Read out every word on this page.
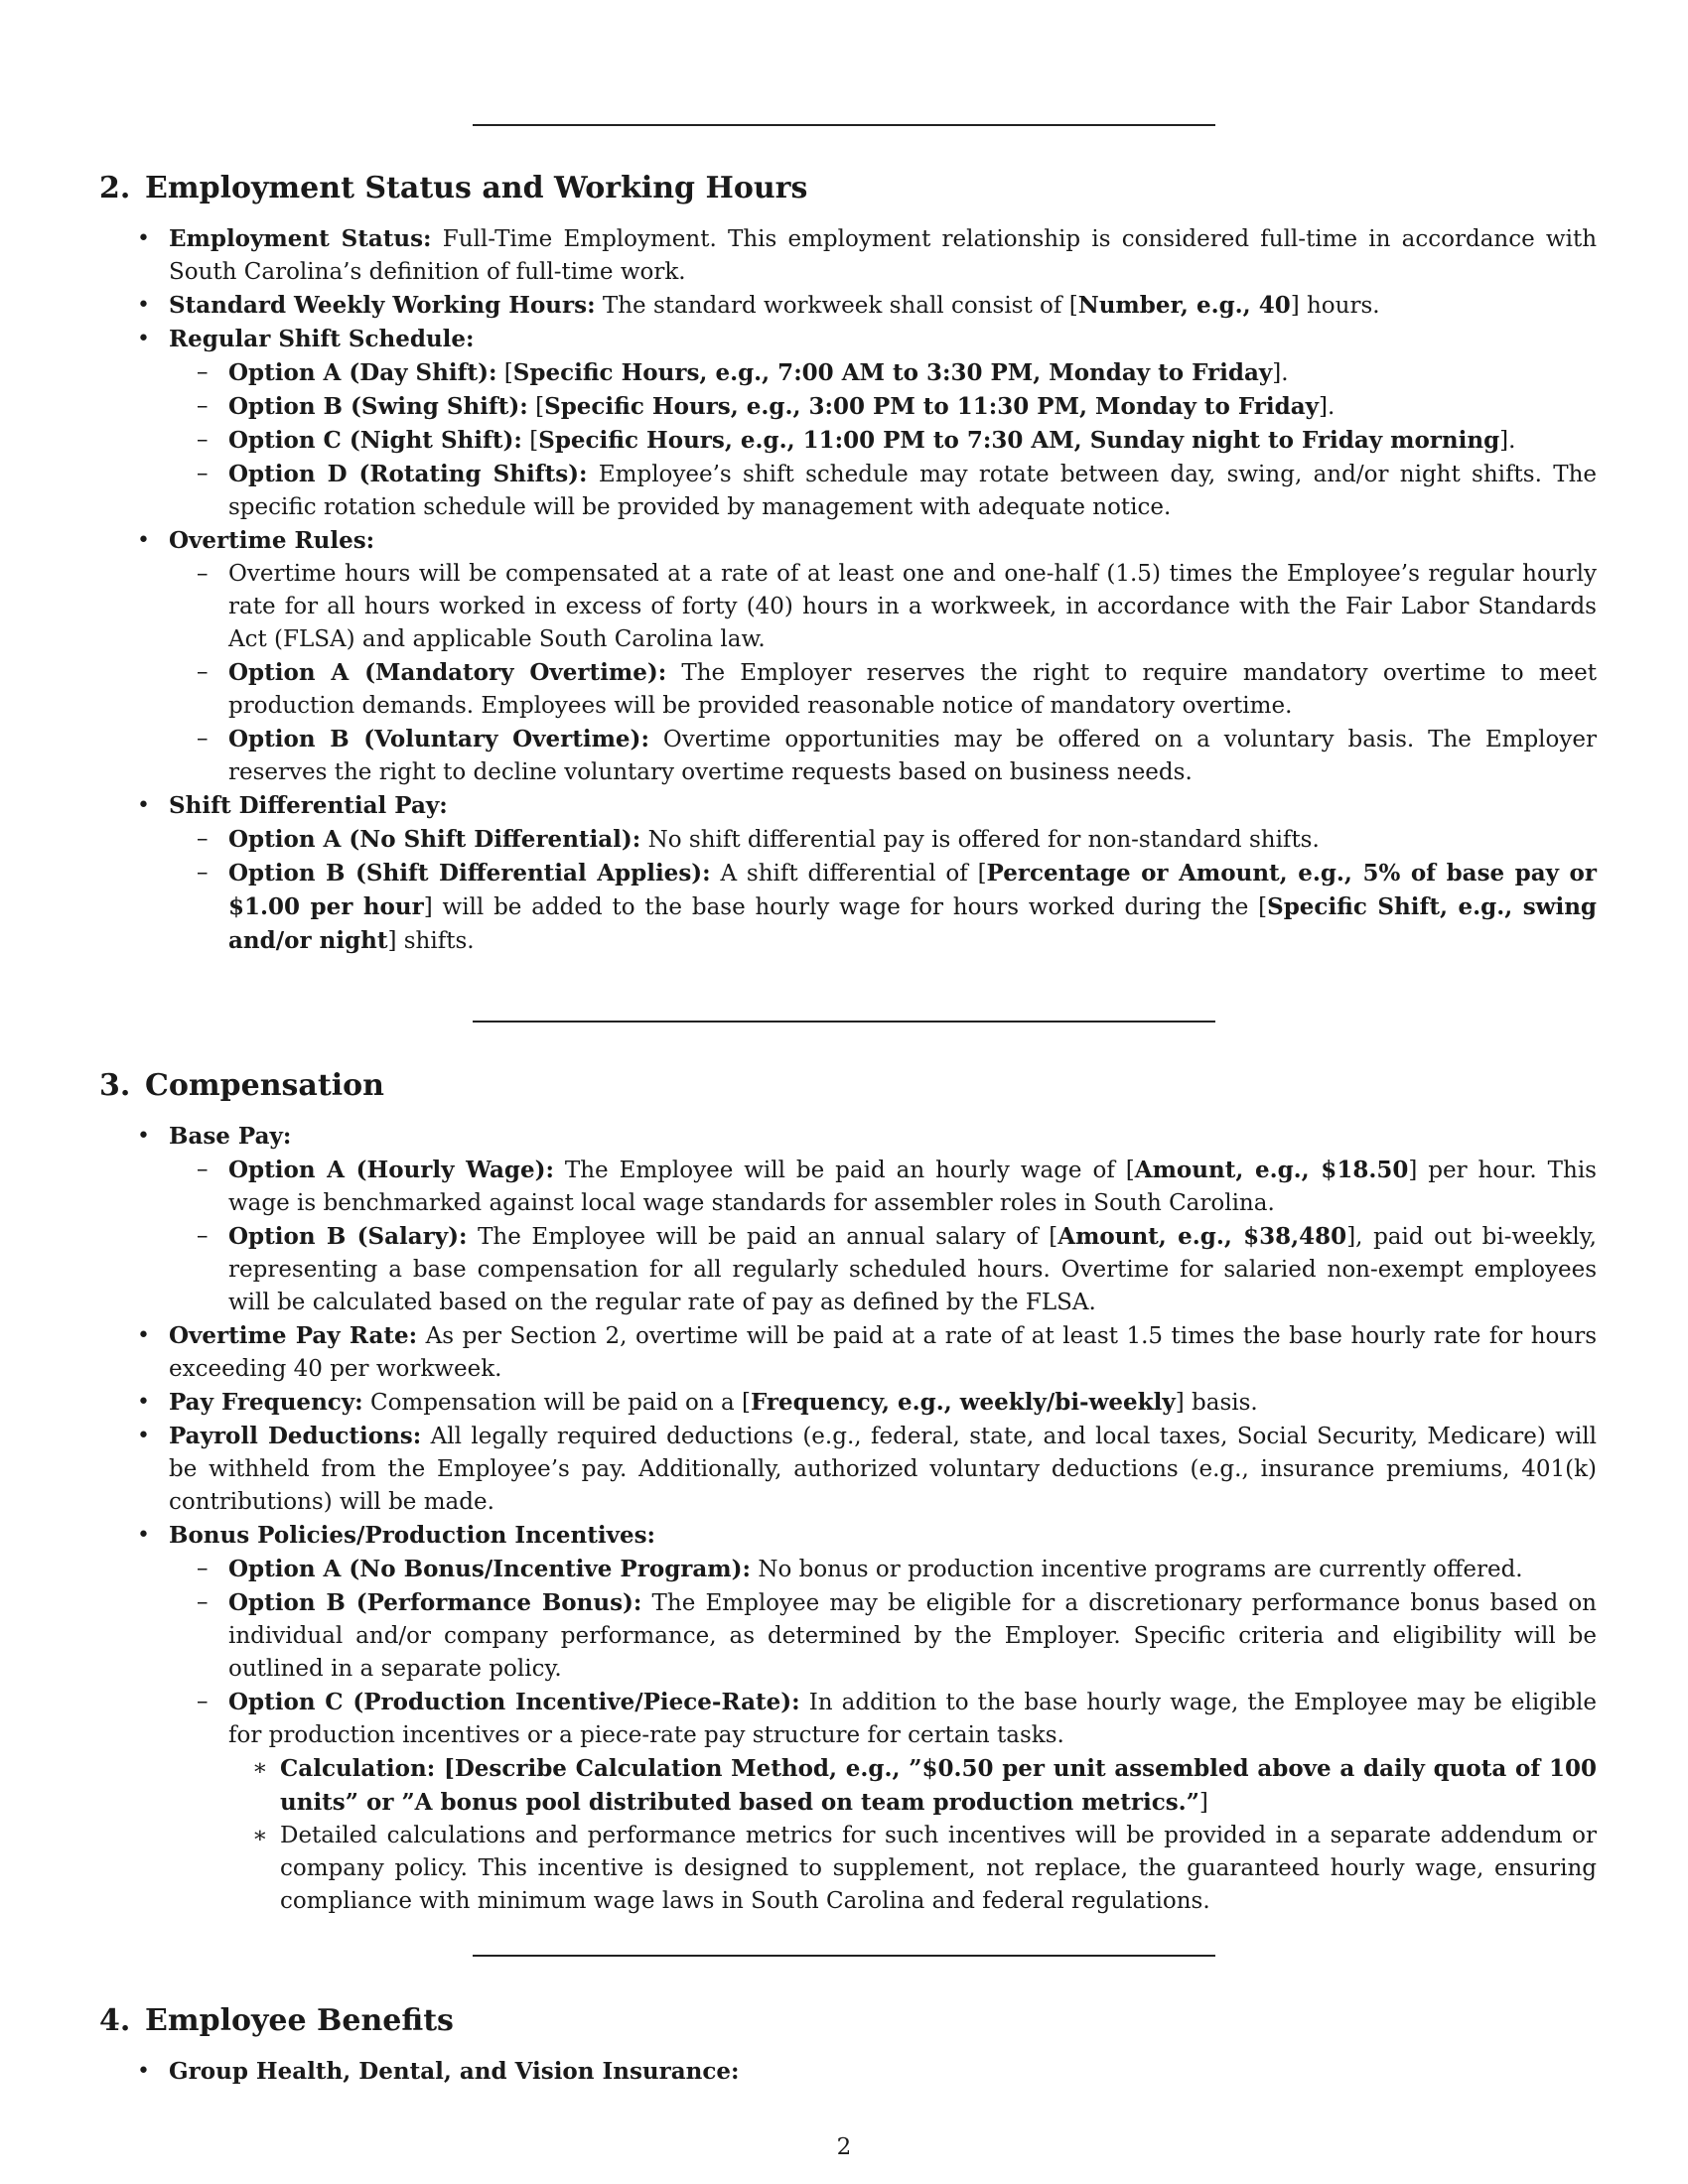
2. Employment Status and Working Hours
• Employment Status: Full-Time Employment. This employment relationship is considered full-time in accordance with South Carolina’s definition of full-time work.
• Standard Weekly Working Hours: The standard workweek shall consist of [Number, e.g., 40] hours.
• Regular Shift Schedule:
– Option A (Day Shift): [Specific Hours, e.g., 7:00 AM to 3:30 PM, Monday to Friday].
– Option B (Swing Shift): [Specific Hours, e.g., 3:00 PM to 11:30 PM, Monday to Friday].
– Option C (Night Shift): [Specific Hours, e.g., 11:00 PM to 7:30 AM, Sunday night to Friday morning].
– Option D (Rotating Shifts): Employee’s shift schedule may rotate between day, swing, and/or night shifts. The specific rotation schedule will be provided by management with adequate notice.
• Overtime Rules:
– Overtime hours will be compensated at a rate of at least one and one-half (1.5) times the Employee’s regular hourly rate for all hours worked in excess of forty (40) hours in a workweek, in accordance with the Fair Labor Standards Act (FLSA) and applicable South Carolina law.
– Option A (Mandatory Overtime): The Employer reserves the right to require mandatory overtime to meet production demands. Employees will be provided reasonable notice of mandatory overtime.
– Option B (Voluntary Overtime): Overtime opportunities may be offered on a voluntary basis. The Employer reserves the right to decline voluntary overtime requests based on business needs.
• Shift Differential Pay:
– Option A (No Shift Differential): No shift differential pay is offered for non-standard shifts.
– Option B (Shift Differential Applies): A shift differential of [Percentage or Amount, e.g., 5% of base pay or $1.00 per hour] will be added to the base hourly wage for hours worked during the [Specific Shift, e.g., swing and/or night] shifts.
3. Compensation
• Base Pay:
– Option A (Hourly Wage): The Employee will be paid an hourly wage of [Amount, e.g., $18.50] per hour. This wage is benchmarked against local wage standards for assembler roles in South Carolina.
– Option B (Salary): The Employee will be paid an annual salary of [Amount, e.g., $38,480], paid out bi-weekly, representing a base compensation for all regularly scheduled hours. Overtime for salaried non-exempt employees will be calculated based on the regular rate of pay as defined by the FLSA.
• Overtime Pay Rate: As per Section 2, overtime will be paid at a rate of at least 1.5 times the base hourly rate for hours exceeding 40 per workweek.
• Pay Frequency: Compensation will be paid on a [Frequency, e.g., weekly/bi-weekly] basis.
• Payroll Deductions: All legally required deductions (e.g., federal, state, and local taxes, Social Security, Medicare) will be withheld from the Employee’s pay. Additionally, authorized voluntary deductions (e.g., insurance premiums, 401(k) contributions) will be made.
• Bonus Policies/Production Incentives:
– Option A (No Bonus/Incentive Program): No bonus or production incentive programs are currently offered.
– Option B (Performance Bonus): The Employee may be eligible for a discretionary performance bonus based on individual and/or company performance, as determined by the Employer. Specific criteria and eligibility will be outlined in a separate policy.
– Option C (Production Incentive/Piece-Rate): In addition to the base hourly wage, the Employee may be eligible for production incentives or a piece-rate pay structure for certain tasks.
∗ Calculation: [Describe Calculation Method, e.g., ”$0.50 per unit assembled above a daily quota of 100 units” or ”A bonus pool distributed based on team production metrics.”]
∗ Detailed calculations and performance metrics for such incentives will be provided in a separate addendum or company policy. This incentive is designed to supplement, not replace, the guaranteed hourly wage, ensuring compliance with minimum wage laws in South Carolina and federal regulations.
4. Employee Benefits
• Group Health, Dental, and Vision Insurance:
2
